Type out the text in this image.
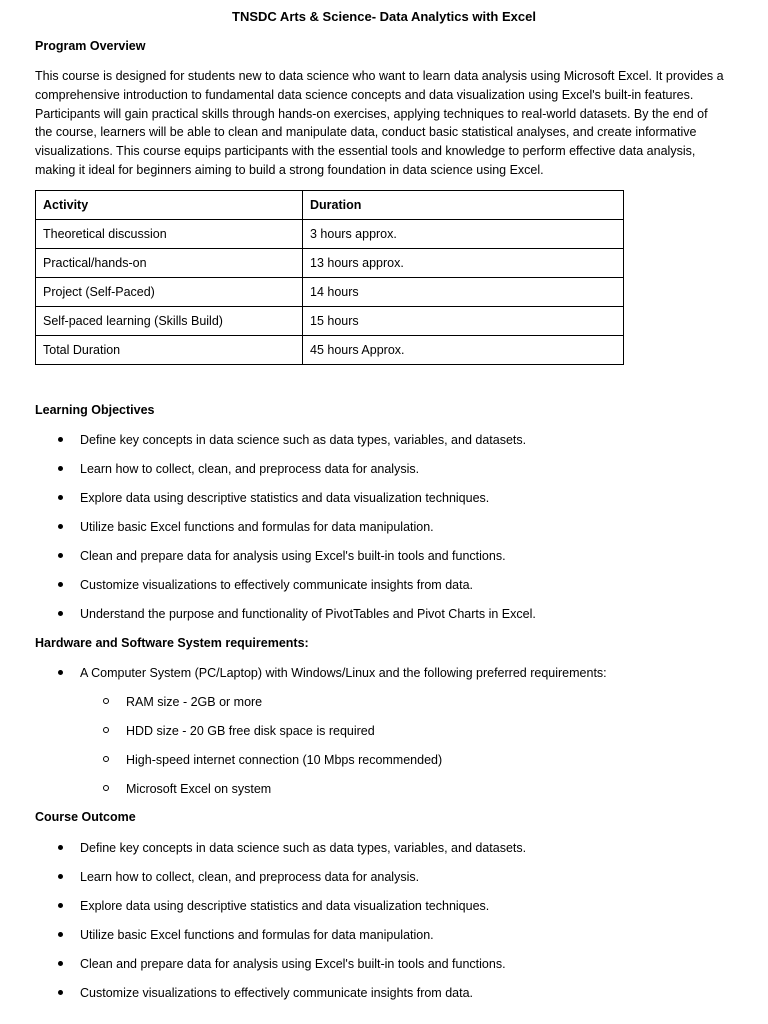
TNSDC Arts & Science- Data Analytics with Excel
Program Overview

This course is designed for students new to data science who want to learn data analysis using Microsoft Excel. It provides a
comprehensive introduction to fundamental data science concepts and data visualization using Excel's built-in features.
Participants will gain practical skills through hands-on exercises, applying techniques to real-world datasets. By the end of
the course, learners will be able to clean and manipulate data, conduct basic statistical analyses, and create informative
visualizations. This course equips participants with the essential tools and knowledge to perform effective data analysis,
making it ideal for beginners aiming to build a strong foundation in data science using Excel.

Activity	Duration
Theoretical discussion	3 hours approx.
Practical/hands-on	13 hours approx.
Project (Self-Paced)	14 hours
Self-paced learning (Skills Build)	15 hours
Total Duration	45 hours Approx.
Learning Objectives
Define key concepts in data science such as data types, variables, and datasets.
Learn how to collect, clean, and preprocess data for analysis.
Explore data using descriptive statistics and data visualization techniques.
Utilize basic Excel functions and formulas for data manipulation.
Clean and prepare data for analysis using Excel's built-in tools and functions.
Customize visualizations to effectively communicate insights from data.
Understand the purpose and functionality of PivotTables and Pivot Charts in Excel.
Hardware and Software System requirements:
A Computer System (PC/Laptop) with Windows/Linux and the following preferred requirements:
RAM size - 2GB or more
HDD size - 20 GB free disk space is required
High-speed internet connection (10 Mbps recommended)
Microsoft Excel on system
Course Outcome
Define key concepts in data science such as data types, variables, and datasets.
Learn how to collect, clean, and preprocess data for analysis.
Explore data using descriptive statistics and data visualization techniques.
Utilize basic Excel functions and formulas for data manipulation.
Clean and prepare data for analysis using Excel's built-in tools and functions.
Customize visualizations to effectively communicate insights from data.
